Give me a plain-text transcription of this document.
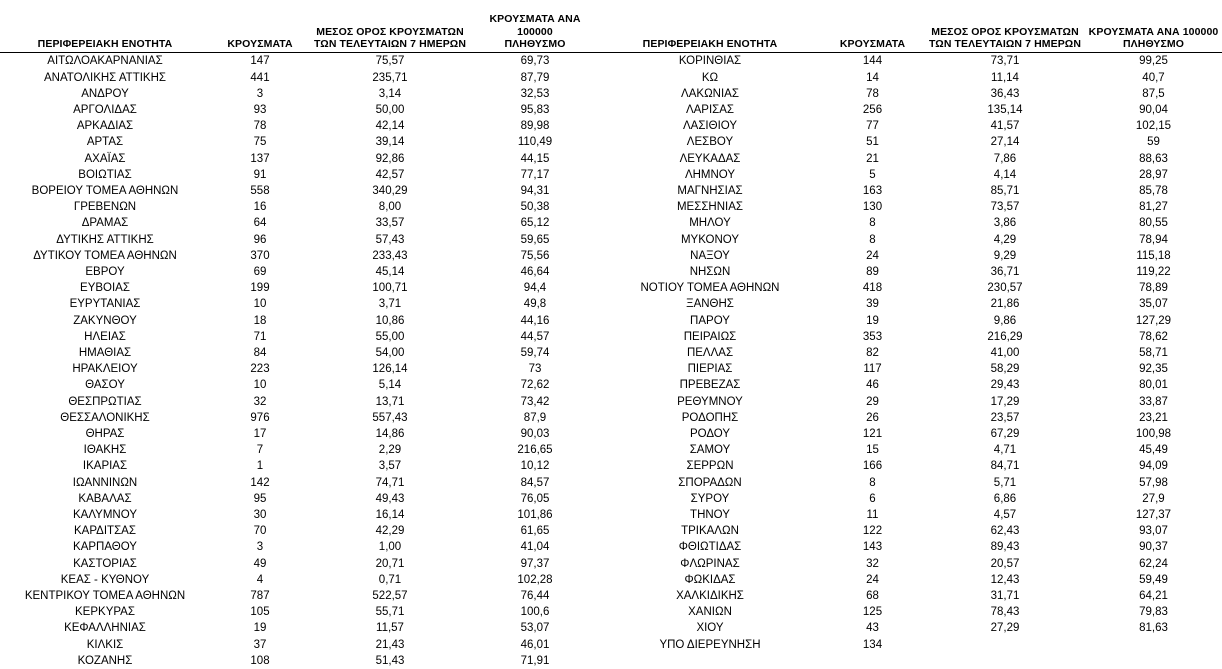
		ΜΕΣΟΣ ΟΡΟΣ ΚΡΟΥΣΜΑΤΩΝ	ΚΡΟΥΣΜΑΤΑ ΑΝΑ 100000
ΠΕΡΙΦΕΡΕΙΑΚΗ ΕΝΟΤΗΤΑ	ΚΡΟΥΣΜΑΤΑ	ΤΩΝ ΤΕΛΕΥΤΑΙΩΝ 7 ΗΜΕΡΩΝ	ΠΛΗΘΥΣΜΟ
ΑΙΤΩΛΟΑΚΑΡΝΑΝΙΑΣ	147	75,57	69,73
ΑΝΑΤΟΛΙΚΗΣ ΑΤΤΙΚΗΣ	441	235,71	87,79
ΑΝΔΡΟΥ	3	3,14	32,53
ΑΡΓΟΛΙΔΑΣ	93	50,00	95,83
ΑΡΚΑΔΙΑΣ	78	42,14	89,98
ΑΡΤΑΣ	75	39,14	110,49
ΑΧΑΪΑΣ	137	92,86	44,15
ΒΟΙΩΤΙΑΣ	91	42,57	77,17
ΒΟΡΕΙΟΥ ΤΟΜΕΑ ΑΘΗΝΩΝ	558	340,29	94,31
ΓΡΕΒΕΝΩΝ	16	8,00	50,38
ΔΡΑΜΑΣ	64	33,57	65,12
ΔΥΤΙΚΗΣ ΑΤΤΙΚΗΣ	96	57,43	59,65
ΔΥΤΙΚΟΥ ΤΟΜΕΑ ΑΘΗΝΩΝ	370	233,43	75,56
ΕΒΡΟΥ	69	45,14	46,64
ΕΥΒΟΙΑΣ	199	100,71	94,4
ΕΥΡΥΤΑΝΙΑΣ	10	3,71	49,8
ΖΑΚΥΝΘΟΥ	18	10,86	44,16
ΗΛΕΙΑΣ	71	55,00	44,57
ΗΜΑΘΙΑΣ	84	54,00	59,74
ΗΡΑΚΛΕΙΟΥ	223	126,14	73
ΘΑΣΟΥ	10	5,14	72,62
ΘΕΣΠΡΩΤΙΑΣ	32	13,71	73,42
ΘΕΣΣΑΛΟΝΙΚΗΣ	976	557,43	87,9
ΘΗΡΑΣ	17	14,86	90,03
ΙΘΑΚΗΣ	7	2,29	216,65
ΙΚΑΡΙΑΣ	1	3,57	10,12
ΙΩΑΝΝΙΝΩΝ	142	74,71	84,57
ΚΑΒΑΛΑΣ	95	49,43	76,05
ΚΑΛΥΜΝΟΥ	30	16,14	101,86
ΚΑΡΔΙΤΣΑΣ	70	42,29	61,65
ΚΑΡΠΑΘΟΥ	3	1,00	41,04
ΚΑΣΤΟΡΙΑΣ	49	20,71	97,37
ΚΕΑΣ - ΚΥΘΝΟΥ	4	0,71	102,28
ΚΕΝΤΡΙΚΟΥ ΤΟΜΕΑ ΑΘΗΝΩΝ	787	522,57	76,44
ΚΕΡΚΥΡΑΣ	105	55,71	100,6
ΚΕΦΑΛΛΗΝΙΑΣ	19	11,57	53,07
ΚΙΛΚΙΣ	37	21,43	46,01
ΚΟΖΑΝΗΣ	108	51,43	71,91
		ΜΕΣΟΣ ΟΡΟΣ ΚΡΟΥΣΜΑΤΩΝ	ΚΡΟΥΣΜΑΤΑ ΑΝΑ 100000
ΠΕΡΙΦΕΡΕΙΑΚΗ ΕΝΟΤΗΤΑ	ΚΡΟΥΣΜΑΤΑ	ΤΩΝ ΤΕΛΕΥΤΑΙΩΝ 7 ΗΜΕΡΩΝ	ΠΛΗΘΥΣΜΟ
ΚΟΡΙΝΘΙΑΣ	144	73,71	99,25
ΚΩ	14	11,14	40,7
ΛΑΚΩΝΙΑΣ	78	36,43	87,5
ΛΑΡΙΣΑΣ	256	135,14	90,04
ΛΑΣΙΘΙΟΥ	77	41,57	102,15
ΛΕΣΒΟΥ	51	27,14	59
ΛΕΥΚΑΔΑΣ	21	7,86	88,63
ΛΗΜΝΟΥ	5	4,14	28,97
ΜΑΓΝΗΣΙΑΣ	163	85,71	85,78
ΜΕΣΣΗΝΙΑΣ	130	73,57	81,27
ΜΗΛΟΥ	8	3,86	80,55
ΜΥΚΟΝΟΥ	8	4,29	78,94
ΝΑΞΟΥ	24	9,29	115,18
ΝΗΣΩΝ	89	36,71	119,22
ΝΟΤΙΟΥ ΤΟΜΕΑ ΑΘΗΝΩΝ	418	230,57	78,89
ΞΑΝΘΗΣ	39	21,86	35,07
ΠΑΡΟΥ	19	9,86	127,29
ΠΕΙΡΑΙΩΣ	353	216,29	78,62
ΠΕΛΛΑΣ	82	41,00	58,71
ΠΙΕΡΙΑΣ	117	58,29	92,35
ΠΡΕΒΕΖΑΣ	46	29,43	80,01
ΡΕΘΥΜΝΟΥ	29	17,29	33,87
ΡΟΔΟΠΗΣ	26	23,57	23,21
ΡΟΔΟΥ	121	67,29	100,98
ΣΑΜΟΥ	15	4,71	45,49
ΣΕΡΡΩΝ	166	84,71	94,09
ΣΠΟΡΑΔΩΝ	8	5,71	57,98
ΣΥΡΟΥ	6	6,86	27,9
ΤΗΝΟΥ	11	4,57	127,37
ΤΡΙΚΑΛΩΝ	122	62,43	93,07
ΦΘΙΩΤΙΔΑΣ	143	89,43	90,37
ΦΛΩΡΙΝΑΣ	32	20,57	62,24
ΦΩΚΙΔΑΣ	24	12,43	59,49
ΧΑΛΚΙΔΙΚΗΣ	68	31,71	64,21
ΧΑΝΙΩΝ	125	78,43	79,83
ΧΙΟΥ	43	27,29	81,63
ΥΠΟ ΔΙΕΡΕΥΝΗΣΗ	134		
